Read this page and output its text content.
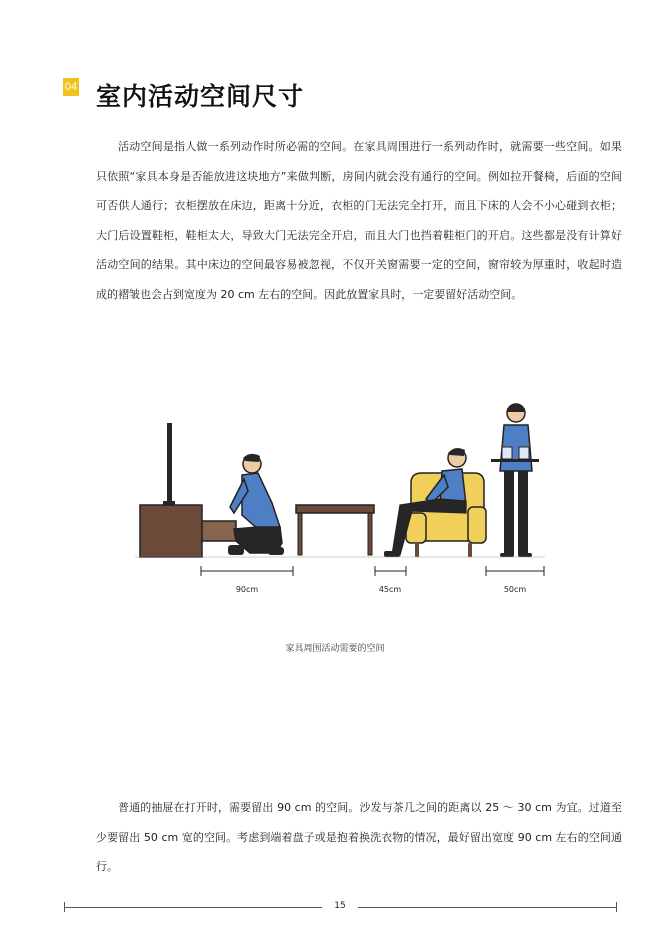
04 室内活动空间尺寸

活动空间是指人做一系列动作时所必需的空间。在家具周围进行一系列动作时，就需要一些空间。如果只依照“家具本身是否能放进这块地方”来做判断，房间内就会没有通行的空间。例如拉开餐椅，后面的空间可否供人通行；衣柜摆放在床边，距离十分近，衣柜的门无法完全打开，而且下床的人会不小心碰到衣柜；大门后设置鞋柜，鞋柜太大，导致大门无法完全开启，而且大门也挡着鞋柜门的开启。这些都是没有计算好活动空间的结果。其中床边的空间最容易被忽视，不仅开关窗需要一定的空间，窗帘较为厚重时，收起时造成的褶皱也会占到宽度为 20 cm 左右的空间。因此放置家具时，一定要留好活动空间。

90cm	45cm	50cm
家具周围活动需要的空间

普通的抽屉在打开时，需要留出 90 cm 的空间。沙发与茶几之间的距离以 25 ～ 30 cm 为宜。过道至少要留出 50 cm 宽的空间。考虑到端着盘子或是抱着换洗衣物的情况，最好留出宽度 90 cm 左右的空间通行。

15
